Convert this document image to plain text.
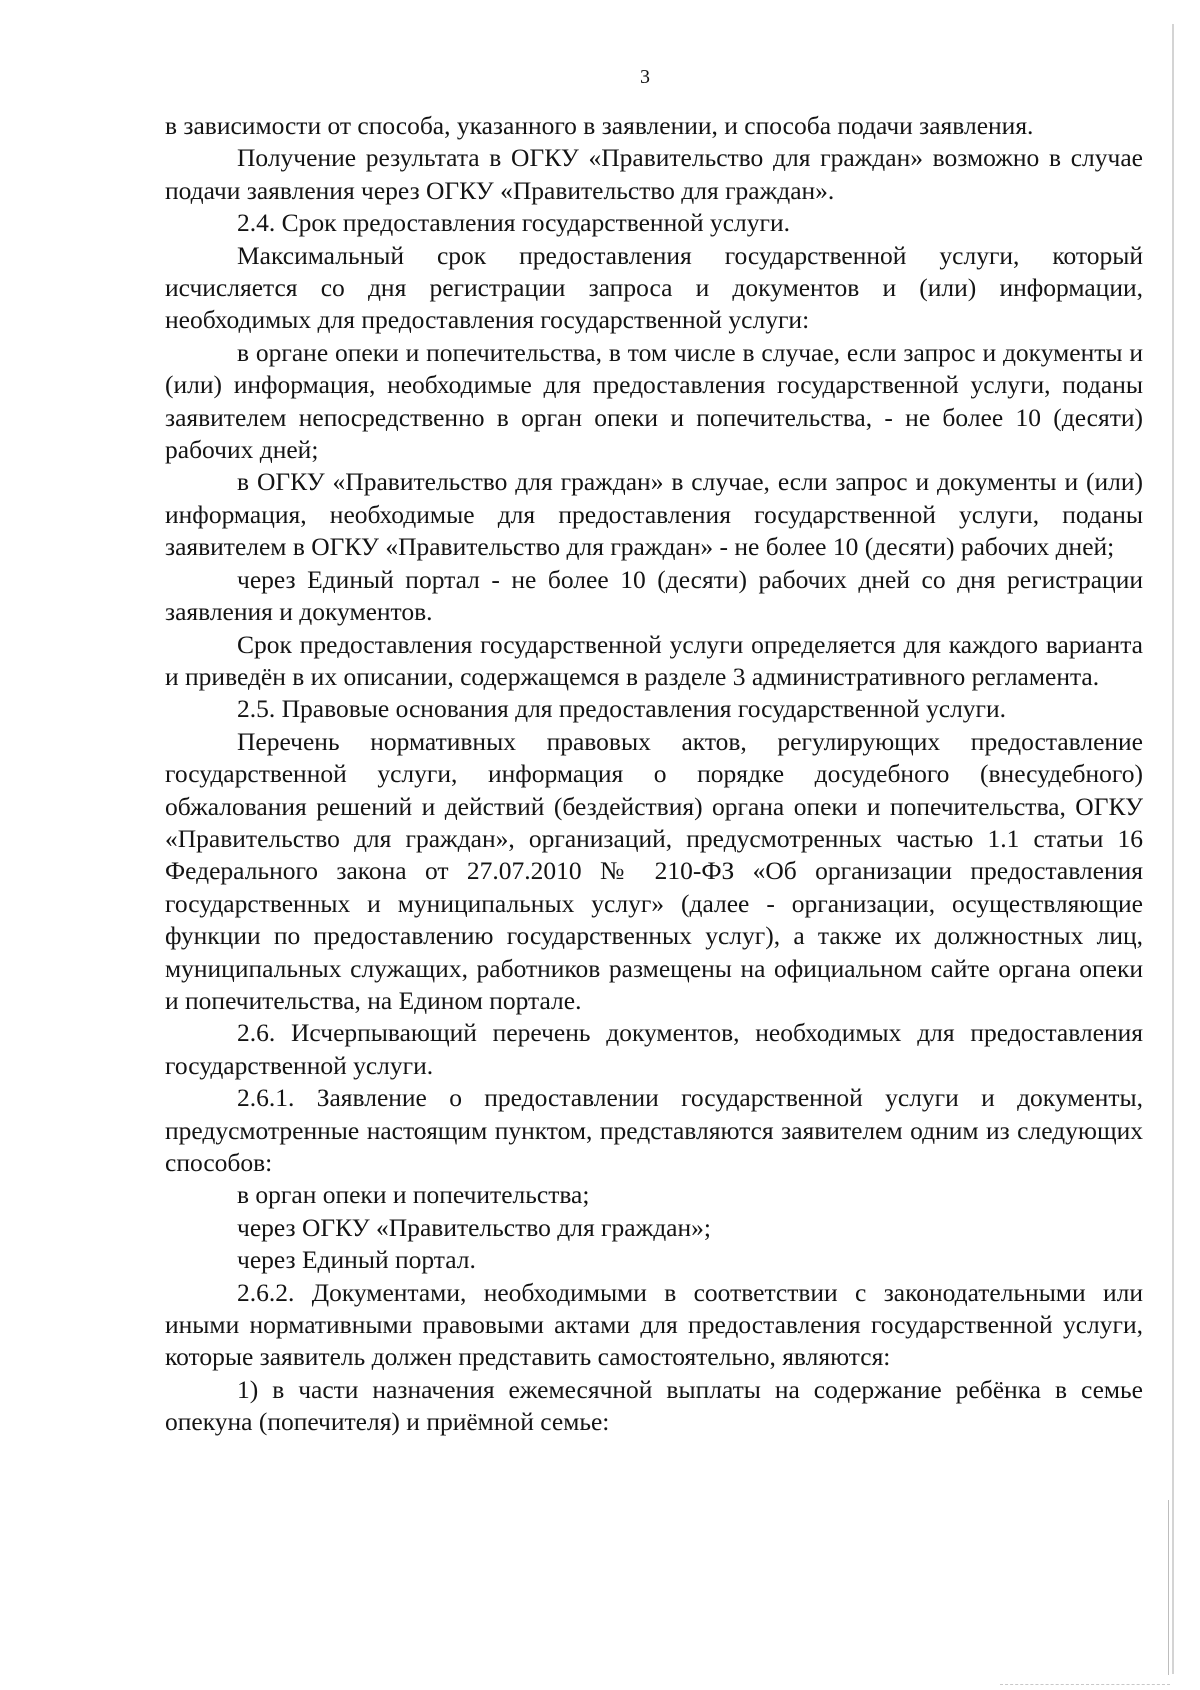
3

в зависимости от способа, указанного в заявлении, и способа подачи заявления.

Получение результата в ОГКУ «Правительство для граждан» возможно в случае подачи заявления через ОГКУ «Правительство для граждан».

2.4. Срок предоставления государственной услуги.

Максимальный срок предоставления государственной услуги, который исчисляется со дня регистрации запроса и документов и (или) информации, необходимых для предоставления государственной услуги:

в органе опеки и попечительства, в том числе в случае, если запрос и документы и (или) информация, необходимые для предоставления государственной услуги, поданы заявителем непосредственно в орган опеки и попечительства, - не более 10 (десяти) рабочих дней;

в ОГКУ «Правительство для граждан» в случае, если запрос и документы и (или) информация, необходимые для предоставления государственной услуги, поданы заявителем в ОГКУ «Правительство для граждан» - не более 10 (десяти) рабочих дней;

через Единый портал - не более 10 (десяти) рабочих дней со дня регистрации заявления и документов.

Срок предоставления государственной услуги определяется для каждого варианта и приведён в их описании, содержащемся в разделе 3 административного регламента.

2.5. Правовые основания для предоставления государственной услуги.

Перечень нормативных правовых актов, регулирующих предоставление государственной услуги, информация о порядке досудебного (внесудебного) обжалования решений и действий (бездействия) органа опеки и попечительства, ОГКУ «Правительство для граждан», организаций, предусмотренных частью 1.1 статьи 16 Федерального закона от 27.07.2010 № 210-ФЗ «Об организации предоставления государственных и муниципальных услуг» (далее - организации, осуществляющие функции по предоставлению государственных услуг), а также их должностных лиц, муниципальных служащих, работников размещены на официальном сайте органа опеки и попечительства, на Едином портале.

2.6. Исчерпывающий перечень документов, необходимых для предоставления государственной услуги.

2.6.1. Заявление о предоставлении государственной услуги и документы, предусмотренные настоящим пунктом, представляются заявителем одним из следующих способов:

в орган опеки и попечительства;

через ОГКУ «Правительство для граждан»;

через Единый портал.

2.6.2. Документами, необходимыми в соответствии с законодательными или иными нормативными правовыми актами для предоставления государственной услуги, которые заявитель должен представить самостоятельно, являются:

1) в части назначения ежемесячной выплаты на содержание ребёнка в семье опекуна (попечителя) и приёмной семье:
